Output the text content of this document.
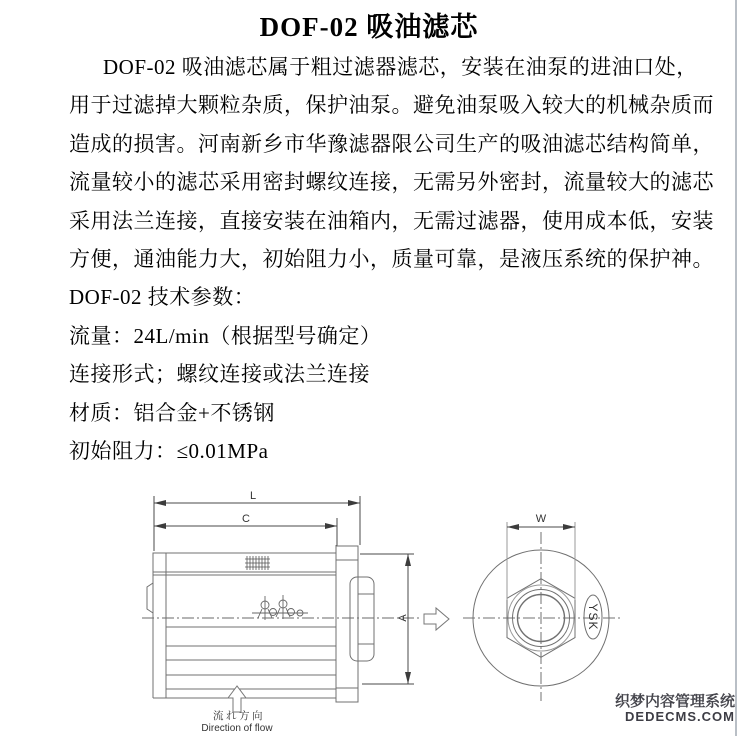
DOF-02 吸油滤芯
DOF-02 吸油滤芯属于粗过滤器滤芯，安装在油泵的进油口处，
用于过滤掉大颗粒杂质，保护油泵。避免油泵吸入较大的机械杂质而
造成的损害。河南新乡市华豫滤器限公司生产的吸油滤芯结构简单，
流量较小的滤芯采用密封螺纹连接，无需另外密封，流量较大的滤芯
采用法兰连接，直接安装在油箱内，无需过滤器，使用成本低，安装
方便，通油能力大，初始阻力小，质量可靠，是液压系统的保护神。
DOF-02 技术参数：
流量：24L/min（根据型号确定）
连接形式；螺纹连接或法兰连接
材质：铝合金+不锈钢
初始阻力：≤0.01MPa
L
C
A
W
YSK
流れ方向
Direction of flow
织梦内容管理系统
DEDECMS.COM
